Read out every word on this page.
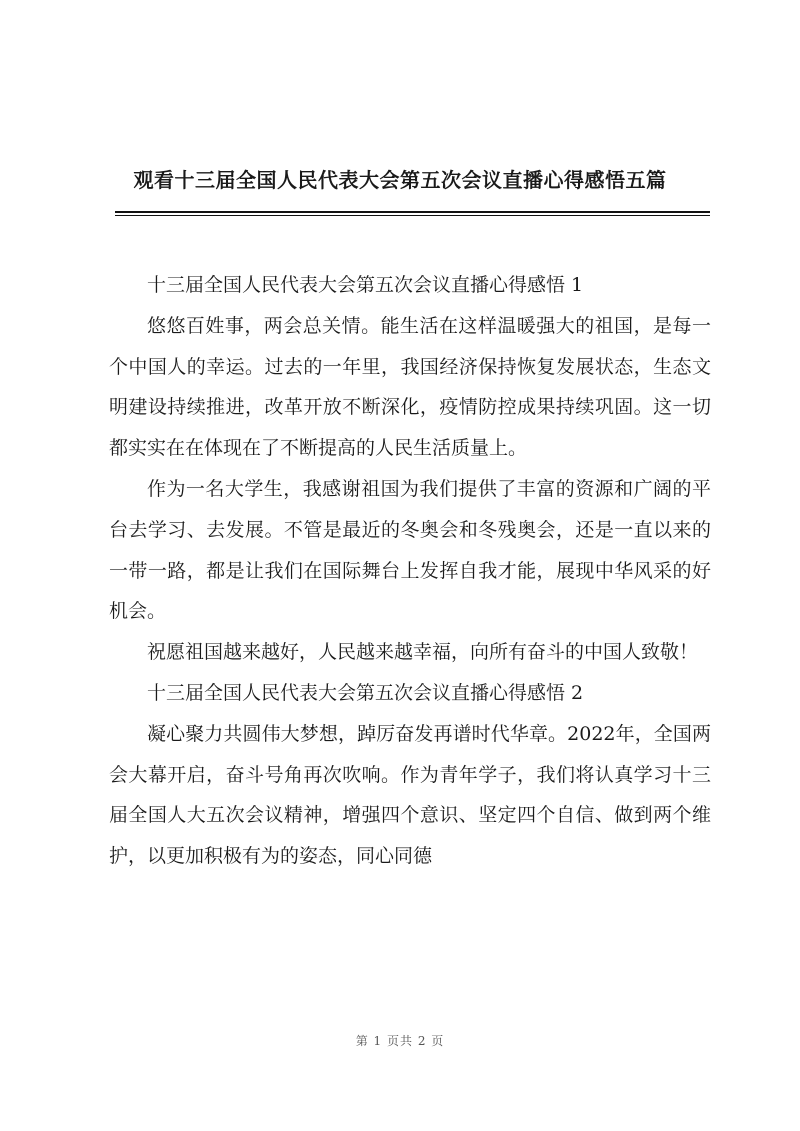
观看十三届全国人民代表大会第五次会议直播心得感悟五篇

十三届全国人民代表大会第五次会议直播心得感悟 1

悠悠百姓事，两会总关情。能生活在这样温暖强大的祖国，是每一个中国人的幸运。过去的一年里，我国经济保持恢复发展状态，生态文明建设持续推进，改革开放不断深化，疫情防控成果持续巩固。这一切都实实在在体现在了不断提高的人民生活质量上。

作为一名大学生，我感谢祖国为我们提供了丰富的资源和广阔的平台去学习、去发展。不管是最近的冬奥会和冬残奥会，还是一直以来的一带一路，都是让我们在国际舞台上发挥自我才能，展现中华风采的好机会。

祝愿祖国越来越好，人民越来越幸福，向所有奋斗的中国人致敬！

十三届全国人民代表大会第五次会议直播心得感悟 2

凝心聚力共圆伟大梦想，踔厉奋发再谱时代华章。2022年，全国两会大幕开启，奋斗号角再次吹响。作为青年学子，我们将认真学习十三届全国人大五次会议精神，增强四个意识、坚定四个自信、做到两个维护，以更加积极有为的姿态，同心同德

第 1 页共 2 页
